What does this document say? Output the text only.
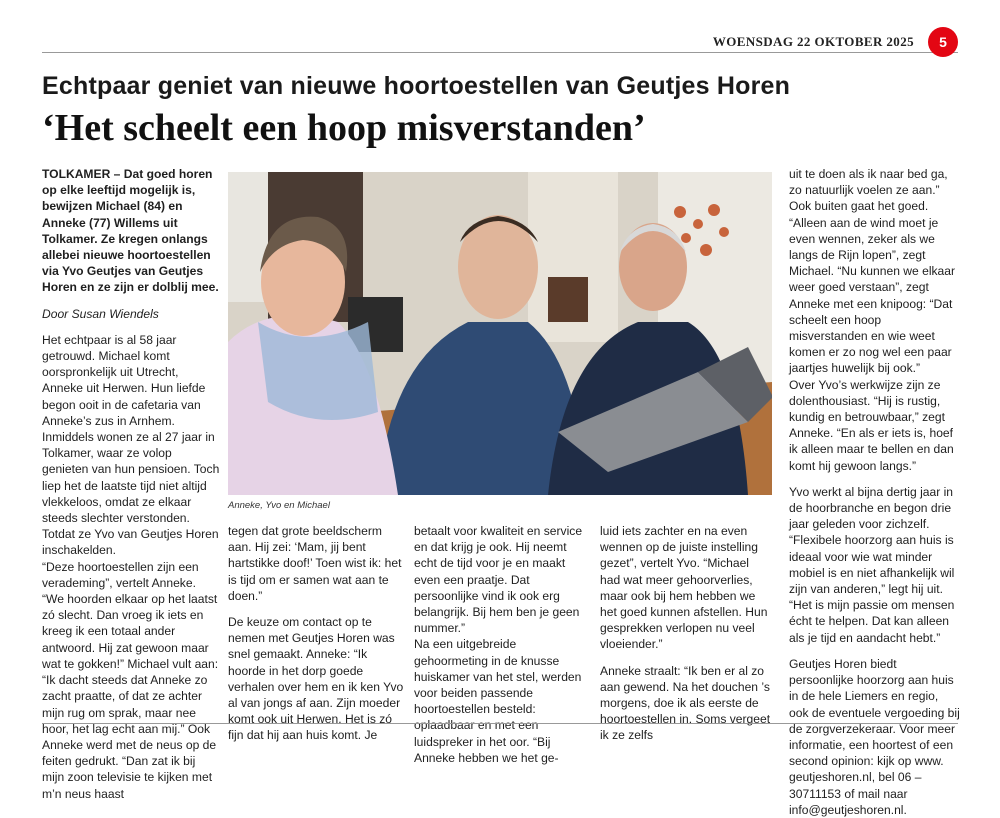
WOENSDAG 22 OKTOBER 2025	5
Echtpaar geniet van nieuwe hoortoestellen van Geutjes Horen
‘Het scheelt een hoop misverstanden’

TOLKAMER – Dat goed horen op elke leeftijd mogelijk is, bewijzen Michael (84) en Anneke (77) Willems uit Tolkamer. Ze kregen onlangs allebei nieuwe hoortoestellen via Yvo Geutjes van Geutjes Horen en ze zijn er dolblij mee.

Door Susan Wiendels

Het echtpaar is al 58 jaar getrouwd. Michael komt oorspronkelijk uit Utrecht, Anneke uit Herwen. Hun liefde begon ooit in de cafetaria van Anneke’s zus in Arnhem. Inmiddels wonen ze al 27 jaar in Tolkamer, waar ze volop genieten van hun pensioen. Toch liep het de laatste tijd niet altijd vlekkeloos, omdat ze elkaar steeds slechter verstonden. Totdat ze Yvo van Geutjes Horen inschakelden.

“Deze hoortoestellen zijn een verademing”, vertelt Anneke. “We hoorden elkaar op het laatst zó slecht. Dan vroeg ik iets en kreeg ik een totaal ander antwoord. Hij zat gewoon maar wat te gokken!” Michael vult aan: “Ik dacht steeds dat Anneke zo zacht praatte, of dat ze achter mijn rug om sprak, maar nee hoor, het lag echt aan mij.” Ook Anneke werd met de neus op de feiten gedrukt. “Dan zat ik bij mijn zoon televisie te kijken met m’n neus haast

Anneke, Yvo en Michael

tegen dat grote beeldscherm aan. Hij zei: ‘Mam, jij bent hartstikke doof!’ Toen wist ik: het is tijd om er samen wat aan te doen.”

De keuze om contact op te nemen met Geutjes Horen was snel gemaakt. Anneke: “Ik hoorde in het dorp goede verhalen over hem en ik ken Yvo al van jongs af aan. Zijn moeder komt ook uit Herwen. Het is zó fijn dat hij aan huis komt. Je

betaalt voor kwaliteit en service en dat krijg je ook. Hij neemt echt de tijd voor je en maakt even een praatje. Dat persoonlijke vind ik ook erg belangrijk. Bij hem ben je geen nummer.”

Na een uitgebreide gehoormeting in de knusse huiskamer van het stel, werden voor beiden passende hoortoestellen besteld: oplaadbaar en met een luidspreker in het oor. “Bij Anneke hebben we het ge-

luid iets zachter en na even wennen op de juiste instelling gezet”, vertelt Yvo. “Michael had wat meer gehoorverlies, maar ook bij hem hebben we het goed kunnen afstellen. Hun gesprekken verlopen nu veel vloeiender.”

Anneke straalt: “Ik ben er al zo aan gewend. Na het douchen ’s morgens, doe ik als eerste de hoortoestellen in. Soms vergeet ik ze zelfs

uit te doen als ik naar bed ga, zo natuurlijk voelen ze aan.” Ook buiten gaat het goed. “Alleen aan de wind moet je even wennen, zeker als we langs de Rijn lopen”, zegt Michael. “Nu kunnen we elkaar weer goed verstaan”, zegt Anneke met een knipoog: “Dat scheelt een hoop misverstanden en wie weet komen er zo nog wel een paar jaartjes huwelijk bij ook.”

Over Yvo’s werkwijze zijn ze dolenthousiast. “Hij is rustig, kundig en betrouwbaar,” zegt Anneke. “En als er iets is, hoef ik alleen maar te bellen en dan komt hij gewoon langs.”

Yvo werkt al bijna dertig jaar in de hoorbranche en begon drie jaar geleden voor zichzelf. “Flexibele hoorzorg aan huis is ideaal voor wie wat minder mobiel is en niet afhankelijk wil zijn van anderen,” legt hij uit. “Het is mijn passie om mensen écht te helpen. Dat kan alleen als je tijd en aandacht hebt.”

Geutjes Horen biedt persoonlijke hoorzorg aan huis in de hele Liemers en regio, ook de eventuele vergoeding bij de zorgverzekeraar. Voor meer informatie, een hoortest of een second opinion: kijk op www. geutjeshoren.nl, bel 06 – 30711153 of mail naar info@geutjeshoren.nl.
